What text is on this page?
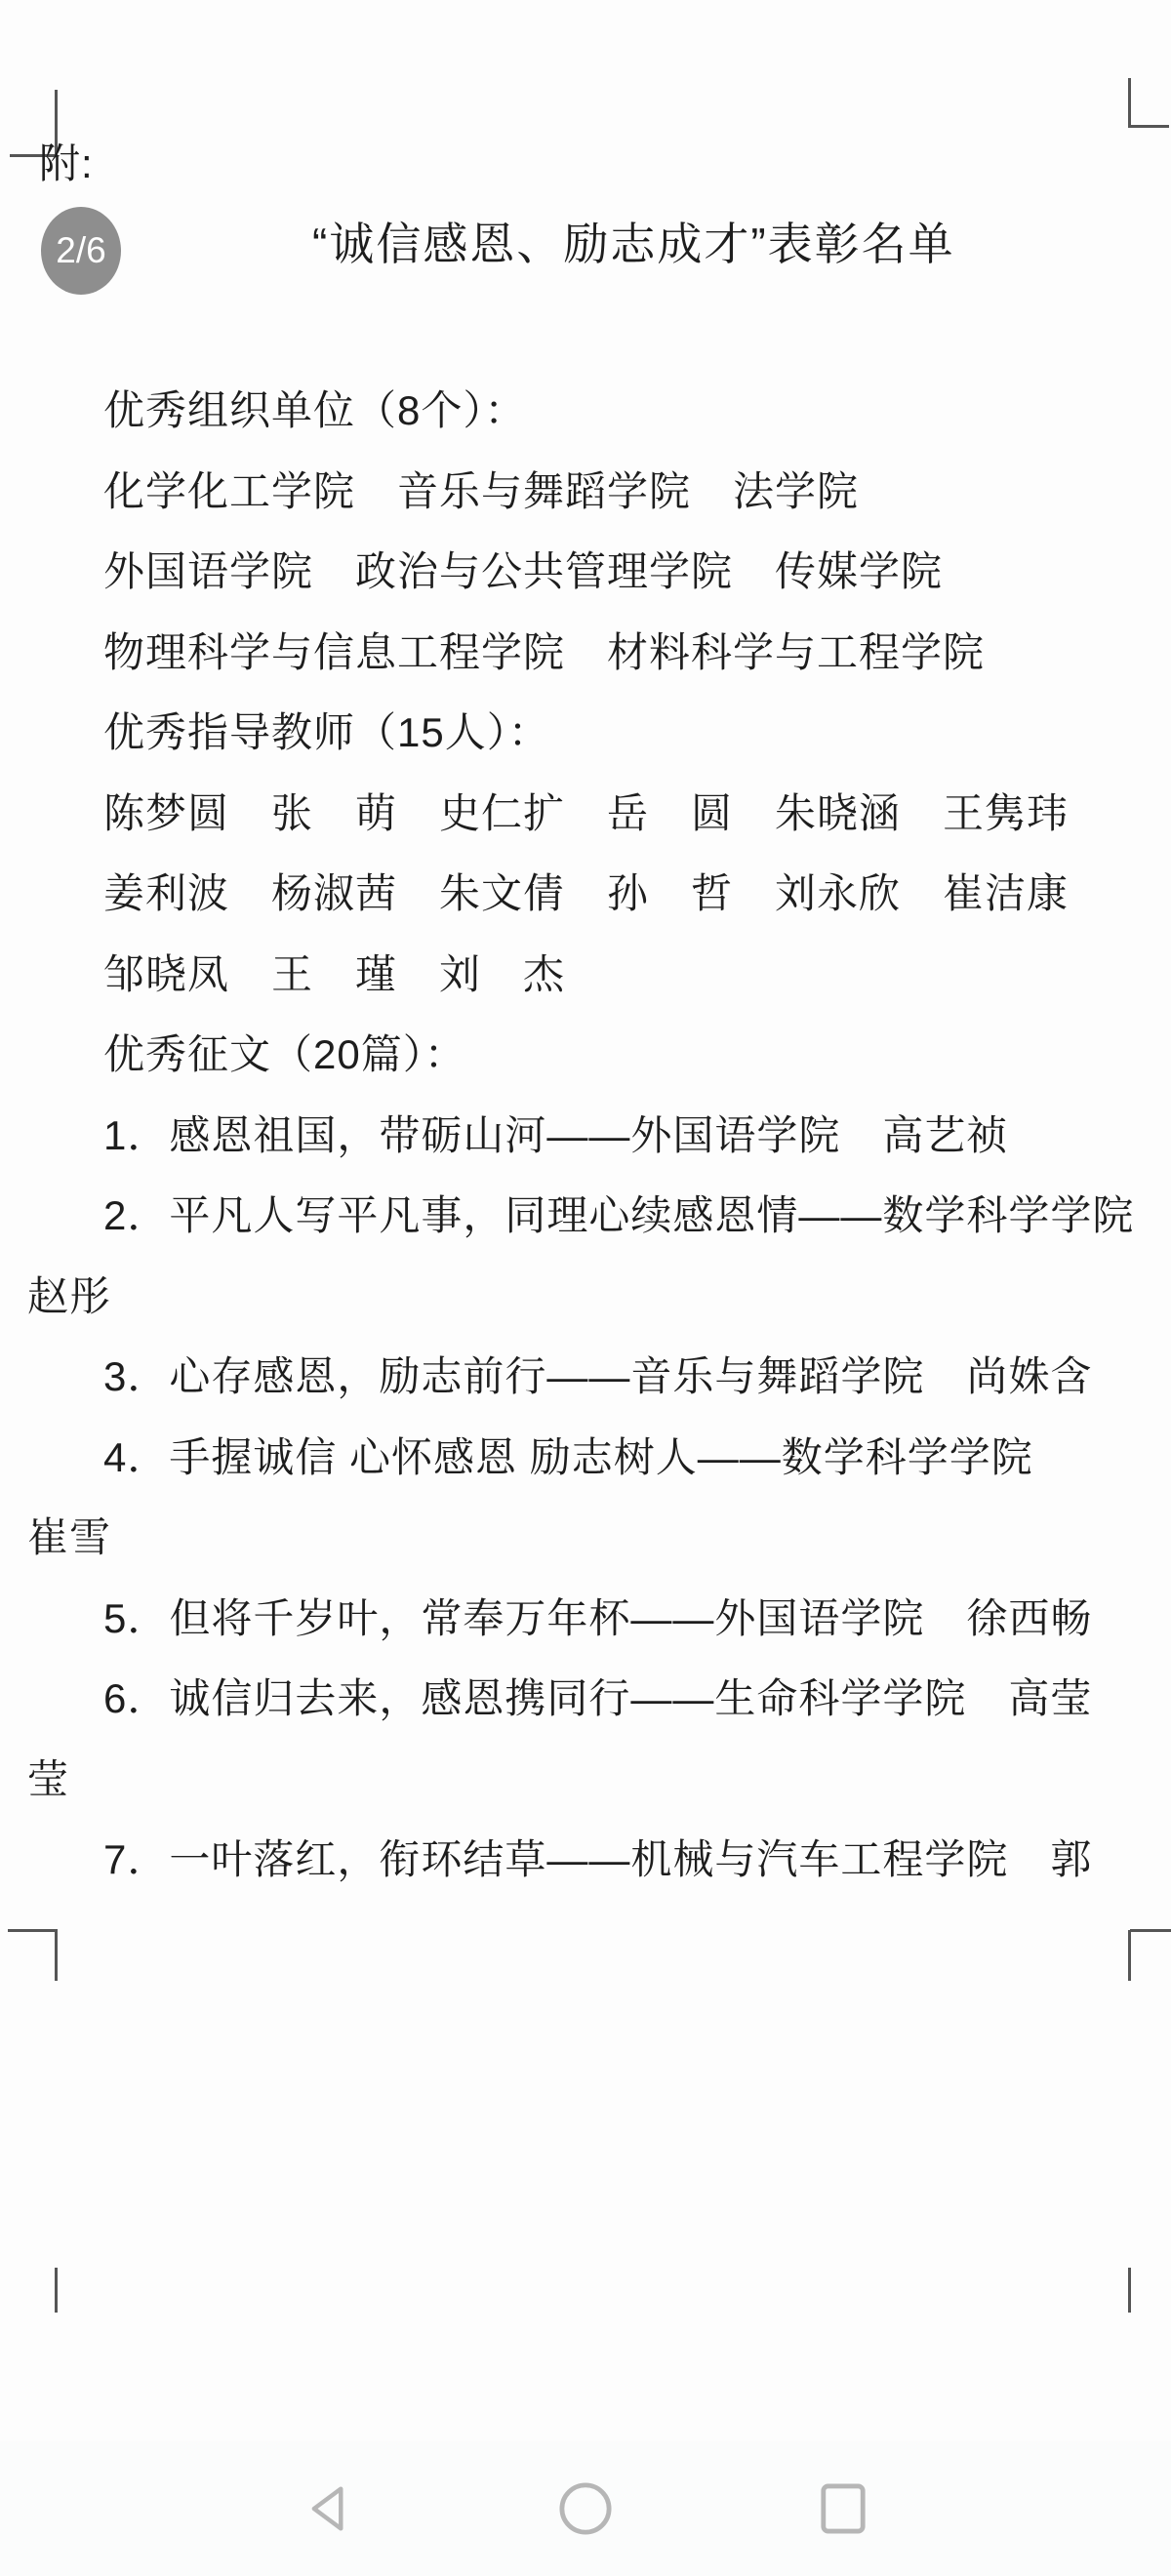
附:
2/6	“诚信感恩、励志成才”表彰名单
优秀组织单位（8个）：
化学化工学院　音乐与舞蹈学院　法学院
外国语学院　政治与公共管理学院　传媒学院
物理科学与信息工程学院　材料科学与工程学院
优秀指导教师（15人）：
陈梦圆　张　萌　史仁扩　岳　圆　朱晓涵　王隽玮
姜利波　杨淑茜　朱文倩　孙　哲　刘永欣　崔洁康
邹晓凤　王　瑾　刘　杰
优秀征文（20篇）：
1．感恩祖国，带砺山河——外国语学院　高艺祯
2．平凡人写平凡事，同理心续感恩情——数学科学学院
赵彤
3．心存感恩，励志前行——音乐与舞蹈学院　尚姝含
4．手握诚信 心怀感恩 励志树人——数学科学学院
崔雪
5．但将千岁叶，常奉万年杯——外国语学院　徐西畅
6．诚信归去来，感恩携同行——生命科学学院　高莹
莹
7．一叶落红，衔环结草——机械与汽车工程学院　郭
